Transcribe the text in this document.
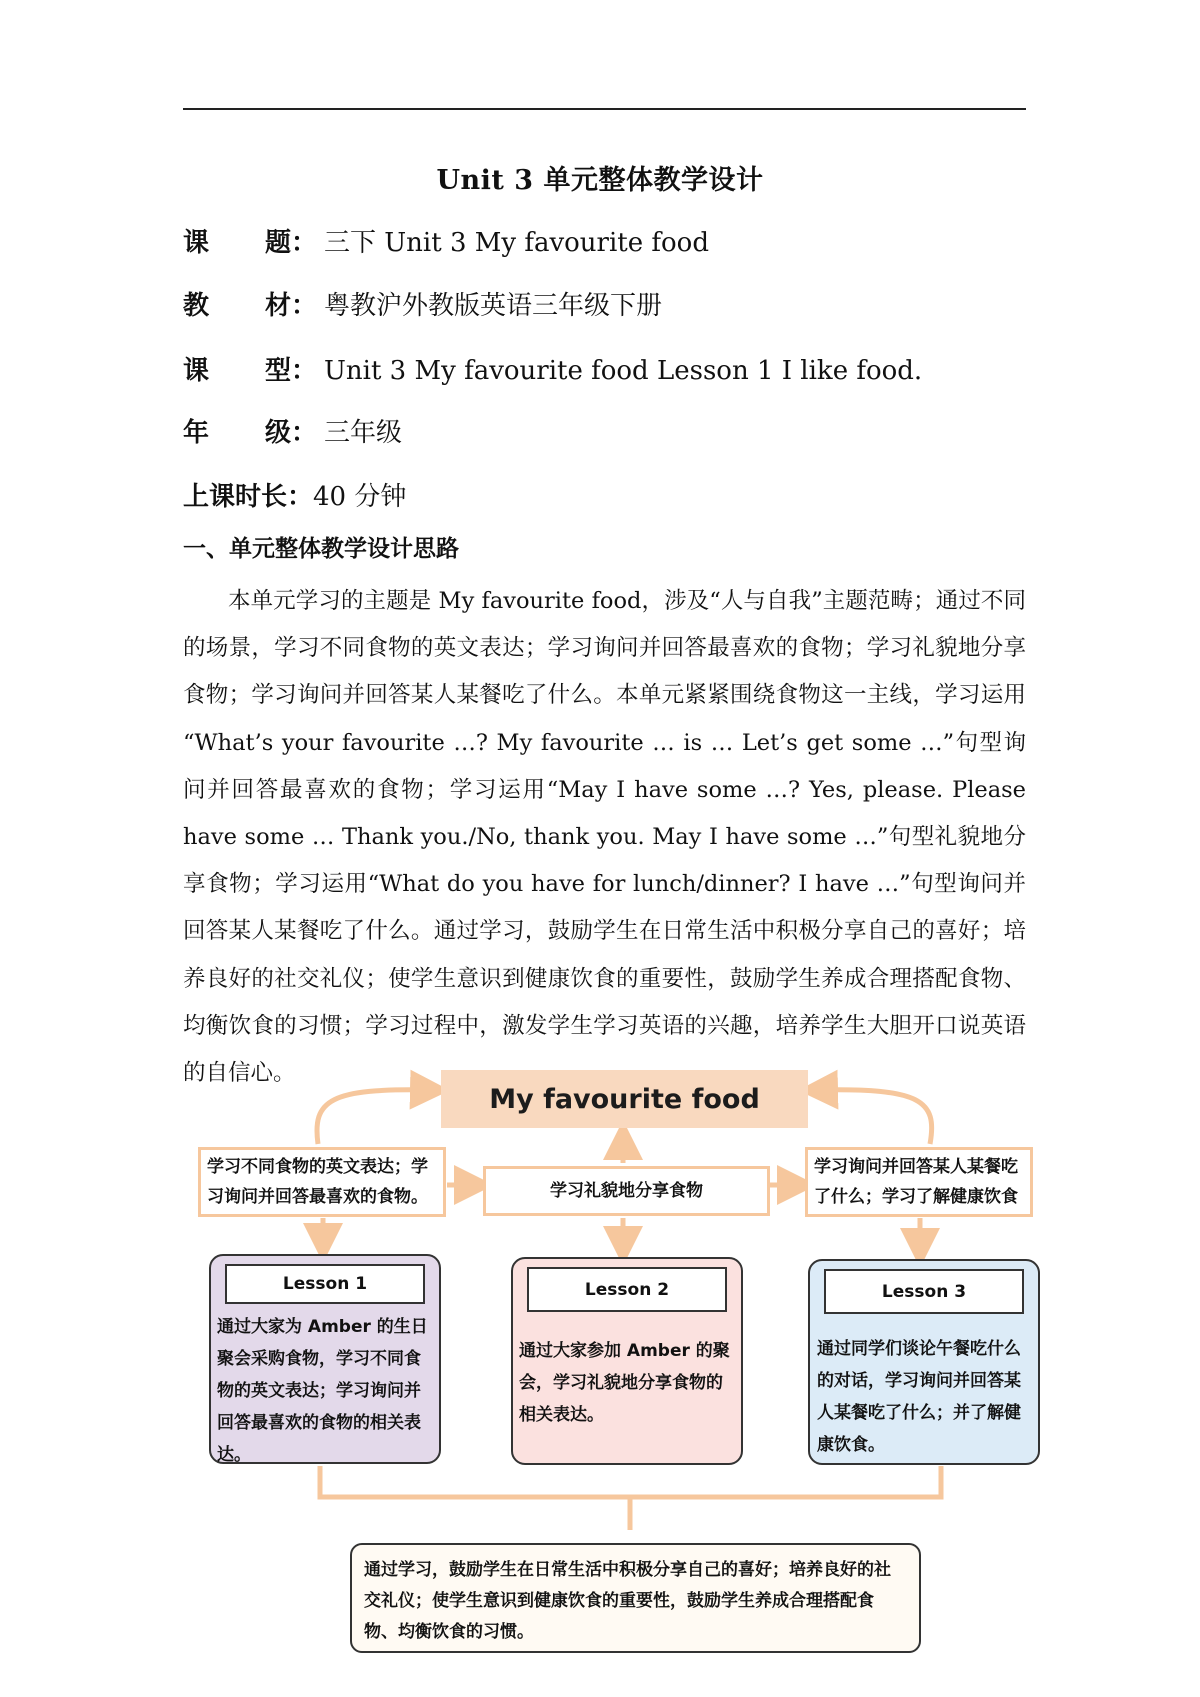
Unit 3 单元整体教学设计
课 题： 三下 Unit 3 My favourite food
教 材： 粤教沪外教版英语三年级下册
课 型：Unit 3 My favourite food Lesson 1 I like food.
年 级： 三年级
上课时长：40 分钟
一、单元整体教学设计思路
本单元学习的主题是 My favourite food，涉及“人与自我”主题范畴；通过不同的场景，学习不同食物的英文表达；学习询问并回答最喜欢的食物；学习礼貌地分享食物；学习询问并回答某人某餐吃了什么。本单元紧紧围绕食物这一主线，学习运用 “What’s your favourite …? My favourite … is … Let’s get some …”句型询问并回答最喜欢的食物；学习运用“May I have some …? Yes, please. Please have some … Thank you./No, thank you. May I have some …”句型礼貌地分享食物；学习运用“What do you have for lunch/dinner? I have …”句型询问并回答某人某餐吃了什么。通过学习，鼓励学生在日常生活中积极分享自己的喜好；培养良好的社交礼仪；使学生意识到健康饮食的重要性，鼓励学生养成合理搭配食物、均衡饮食的习惯；学习过程中，激发学生学习英语的兴趣，培养学生大胆开口说英语的自信心。
My favourite food
学习不同食物的英文表达；学习询问并回答最喜欢的食物。	学习礼貌地分享食物
学习询问并回答某人某餐吃了什么；学习了解健康饮食
Lesson 1	Lesson 2	Lesson 3
通过大家为 Amber 的生日聚会采购食物，学习不同食物的英文表达；学习询问并回答最喜欢的食物的相关表达。
通过大家参加 Amber 的聚会，学习礼貌地分享食物的相关表达。
通过同学们谈论午餐吃什么的对话，学习询问并回答某人某餐吃了什么；并了解健康饮食。
通过学习，鼓励学生在日常生活中积极分享自己的喜好；培养良好的社交礼仪；使学生意识到健康饮食的重要性，鼓励学生养成合理搭配食物、均衡饮食的习惯。
